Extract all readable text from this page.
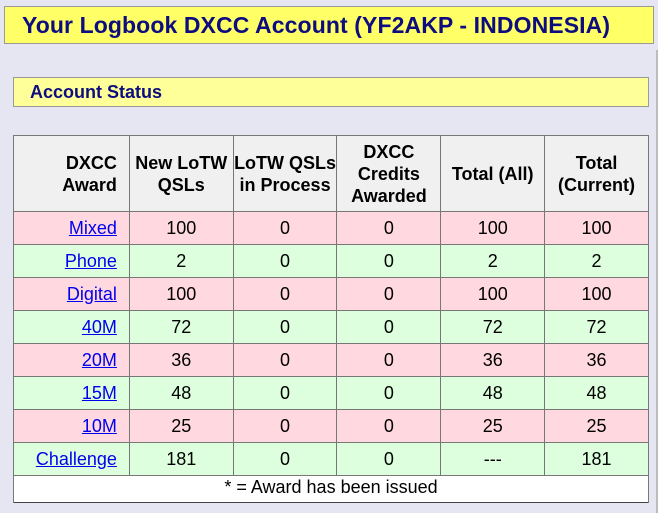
Your Logbook DXCC Account (YF2AKP - INDONESIA)
Account Status
DXCC Award	New LoTW QSLs	LoTW QSLs in Process	DXCC Credits Awarded	Total (All)	Total (Current)
Mixed	100	0	0	100	100
Phone	2	0	0	2	2
Digital	100	0	0	100	100
40M	72	0	0	72	72
20M	36	0	0	36	36
15M	48	0	0	48	48
10M	25	0	0	25	25
Challenge	181	0	0	---	181
* = Award has been issued					
